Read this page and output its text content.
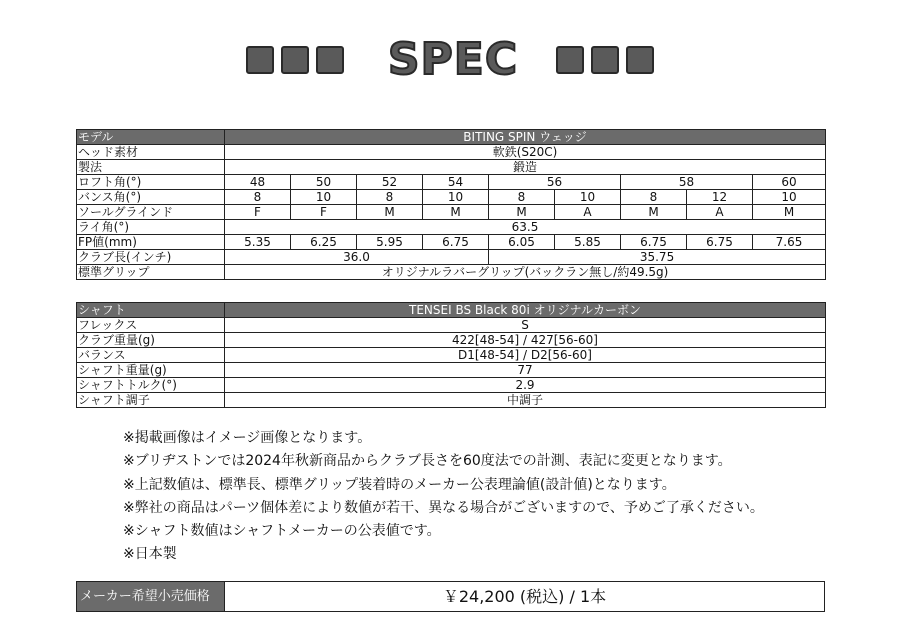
SPEC
モデル	BITING SPIN ウェッジ								
ヘッド素材	軟鉄(S20C)								
製法	鍛造								
ロフト角(°)	48	50	52	54	56		58		60
バンス角(°)	8	10	8	10	8	10	8	12	10
ソールグラインド	F	F	M	M	M	A	M	A	M
ライ角(°)	63.5								
FP値(mm)	5.35	6.25	5.95	6.75	6.05	5.85	6.75	6.75	7.65
クラブ長(インチ)	36.0				35.75				
標準グリップ	オリジナルラバーグリップ(バックラン無し/約49.5g)								
シャフト	TENSEI BS Black 80i オリジナルカーボン
フレックス	S
クラブ重量(g)	422[48-54] / 427[56-60]
バランス	D1[48-54] / D2[56-60]
シャフト重量(g)	77
シャフトトルク(°)	2.9
シャフト調子	中調子
※掲載画像はイメージ画像となります。
※ブリヂストンでは2024年秋新商品からクラブ長さを60度法での計測、表記に変更となります。
※上記数値は、標準長、標準グリップ装着時のメーカー公表理論値(設計値)となります。
※弊社の商品はパーツ個体差により数値が若干、異なる場合がございますので、予めご了承ください。
※シャフト数値はシャフトメーカーの公表値です。
※日本製
メーカー希望小売価格	￥24,200 (税込) / 1本
